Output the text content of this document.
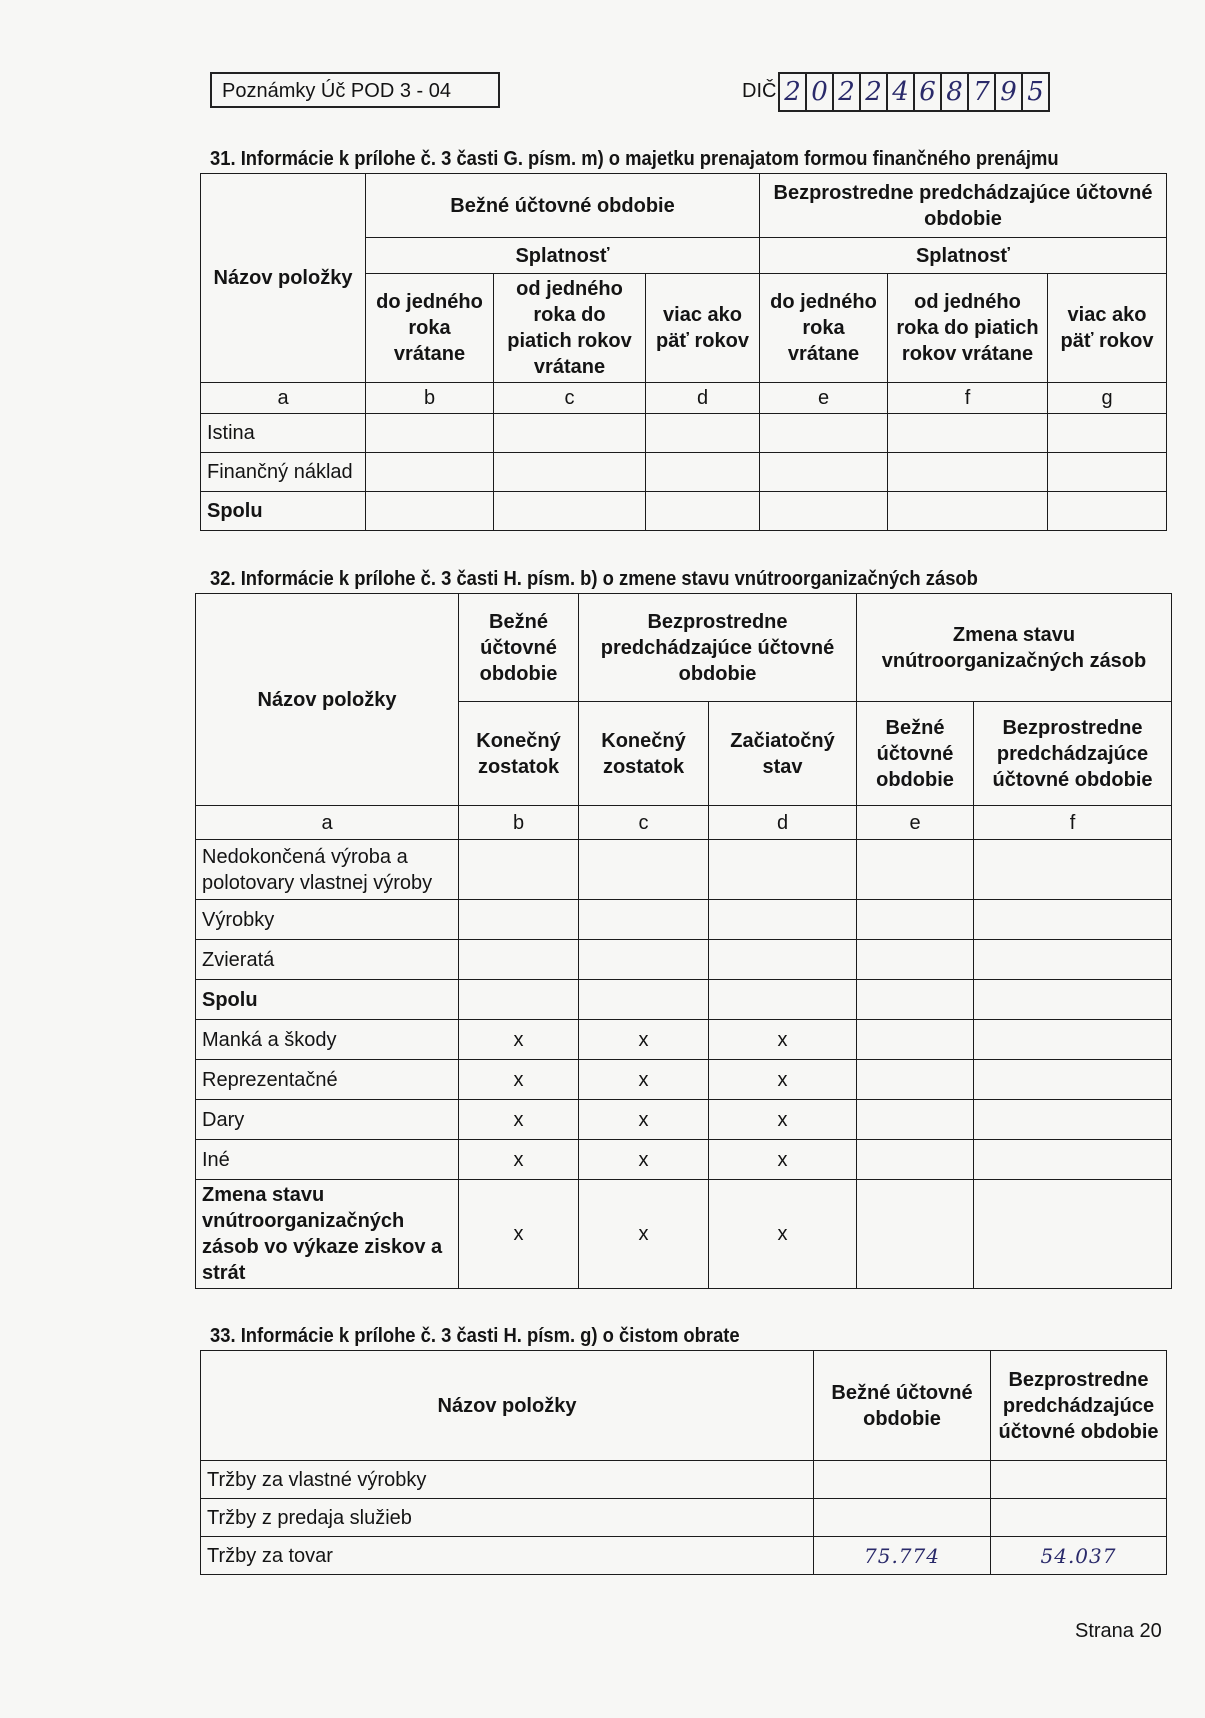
Poznámky Úč POD 3 - 04	DIČ 2 0 2 2 4 6 8 7 9 5
31. Informácie k prílohe č. 3 časti G. písm. m) o majetku prenajatom formou finančného prenájmu
Názov položky	Bežné účtovné obdobie			Bezprostredne predchádzajúce účtovné obdobie		
	Splatnosť			Splatnosť		
	do jedného roka vrátane	od jedného roka do piatich rokov vrátane	viac ako päť rokov	do jedného roka vrátane	od jedného roka do piatich rokov vrátane	viac ako päť rokov
a	b	c	d	e	f	g
Istina						
Finančný náklad						
Spolu						
32. Informácie k prílohe č. 3 časti H. písm. b) o zmene stavu vnútroorganizačných zásob
Názov položky	Bežné účtovné obdobie	Bezprostredne predchádzajúce účtovné obdobie		Zmena stavu vnútroorganizačných zásob	
	Konečný zostatok	Konečný zostatok	Začiatočný stav	Bežné účtovné obdobie	Bezprostredne predchádzajúce účtovné obdobie
a	b	c	d	e	f
Nedokončená výroba a polotovary vlastnej výroby					
Výrobky					
Zvieratá					
Spolu					
Manká a škody	x	x	x		
Reprezentačné	x	x	x		
Dary	x	x	x		
Iné	x	x	x		
Zmena stavu vnútroorganizačných zásob vo výkaze ziskov a strát	x	x	x		
33. Informácie k prílohe č. 3 časti H. písm. g) o čistom obrate
Názov položky	Bežné účtovné obdobie	Bezprostredne predchádzajúce účtovné obdobie
Tržby za vlastné výrobky		
Tržby z predaja služieb		
Tržby za tovar	75.774	54.037
Strana 20
